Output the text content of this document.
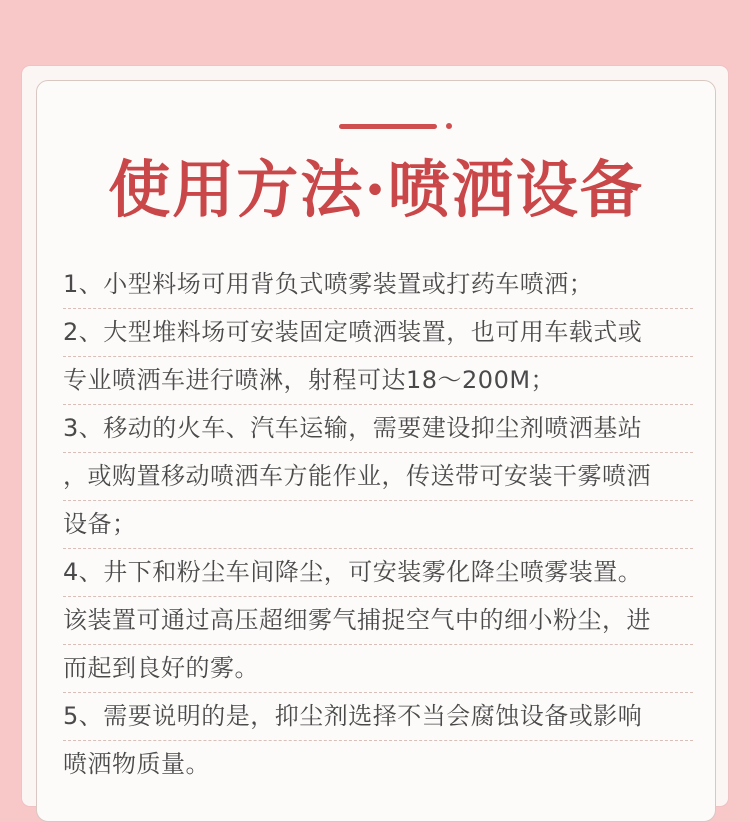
使用方法·喷洒设备
1、小型料场可用背负式喷雾装置或打药车喷洒；
2、大型堆料场可安装固定喷洒装置，也可用车载式或
专业喷洒车进行喷淋，射程可达18～200M；
3、移动的火车、汽车运输，需要建设抑尘剂喷洒基站
，或购置移动喷洒车方能作业，传送带可安装干雾喷洒
设备；
4、井下和粉尘车间降尘，可安装雾化降尘喷雾装置。
该装置可通过高压超细雾气捕捉空气中的细小粉尘，进
而起到良好的雾。
5、需要说明的是，抑尘剂选择不当会腐蚀设备或影响
喷洒物质量。
